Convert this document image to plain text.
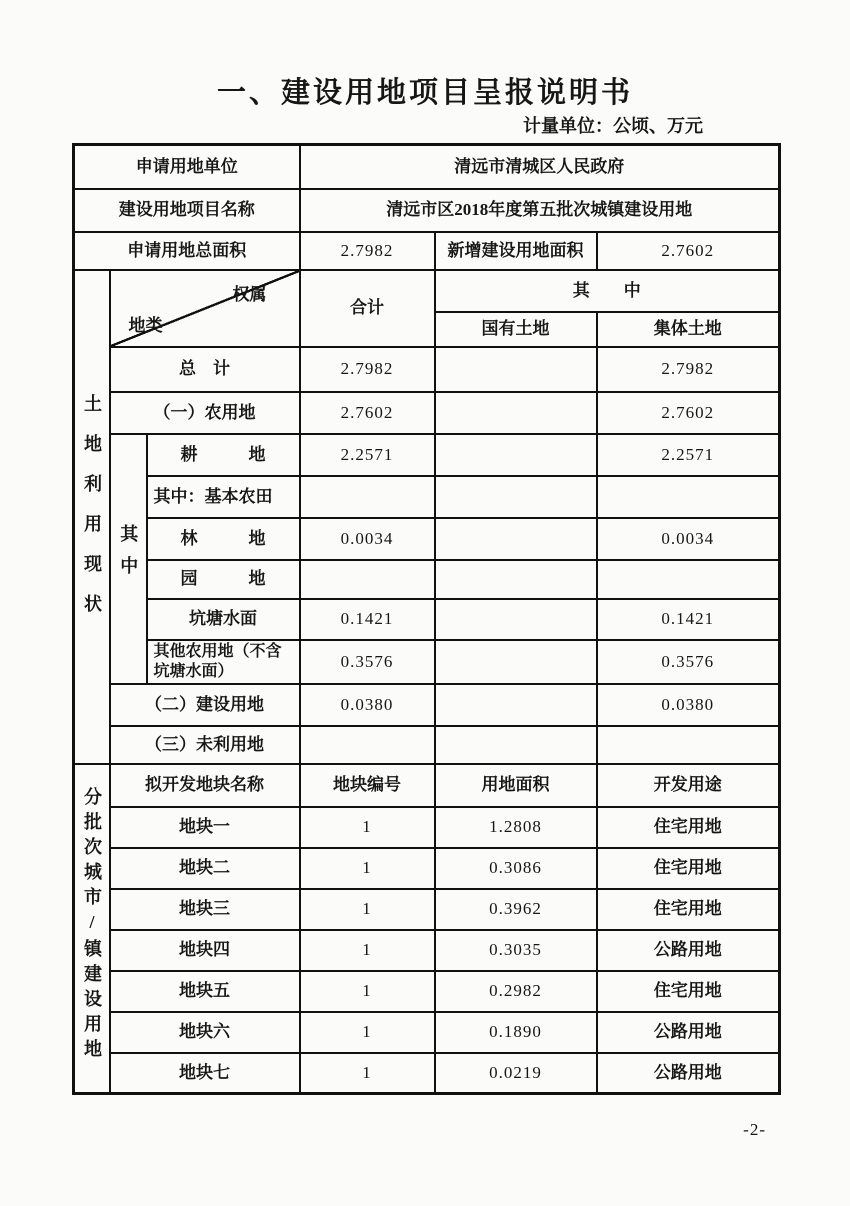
一、建设用地项目呈报说明书
计量单位：公顷、万元
申请用地单位			清远市清城区人民政府		
建设用地项目名称			清远市区2018年度第五批次城镇建设用地		
申请用地总面积			2.7982	新增建设用地面积	2.7602
土地利用现状	权属
地类		合计	其　　中	
				国有土地	集体土地
	总　计		2.7982		2.7982
	（一）农用地		2.7602		2.7602
	其中	耕　　　地	2.2571		2.2571
		其中：基本农田			
		林　　　地	0.0034		0.0034
		园　　　地			
		坑塘水面	0.1421		0.1421
		其他农用地（不含坑塘水面）	0.3576		0.3576
	（二）建设用地		0.0380		0.0380
	（三）未利用地				
分批次城市/镇建设用地	拟开发地块名称		地块编号	用地面积	开发用途
	地块一		1	1.2808	住宅用地
	地块二		1	0.3086	住宅用地
	地块三		1	0.3962	住宅用地
	地块四		1	0.3035	公路用地
	地块五		1	0.2982	住宅用地
	地块六		1	0.1890	公路用地
	地块七		1	0.0219	公路用地
-2-
